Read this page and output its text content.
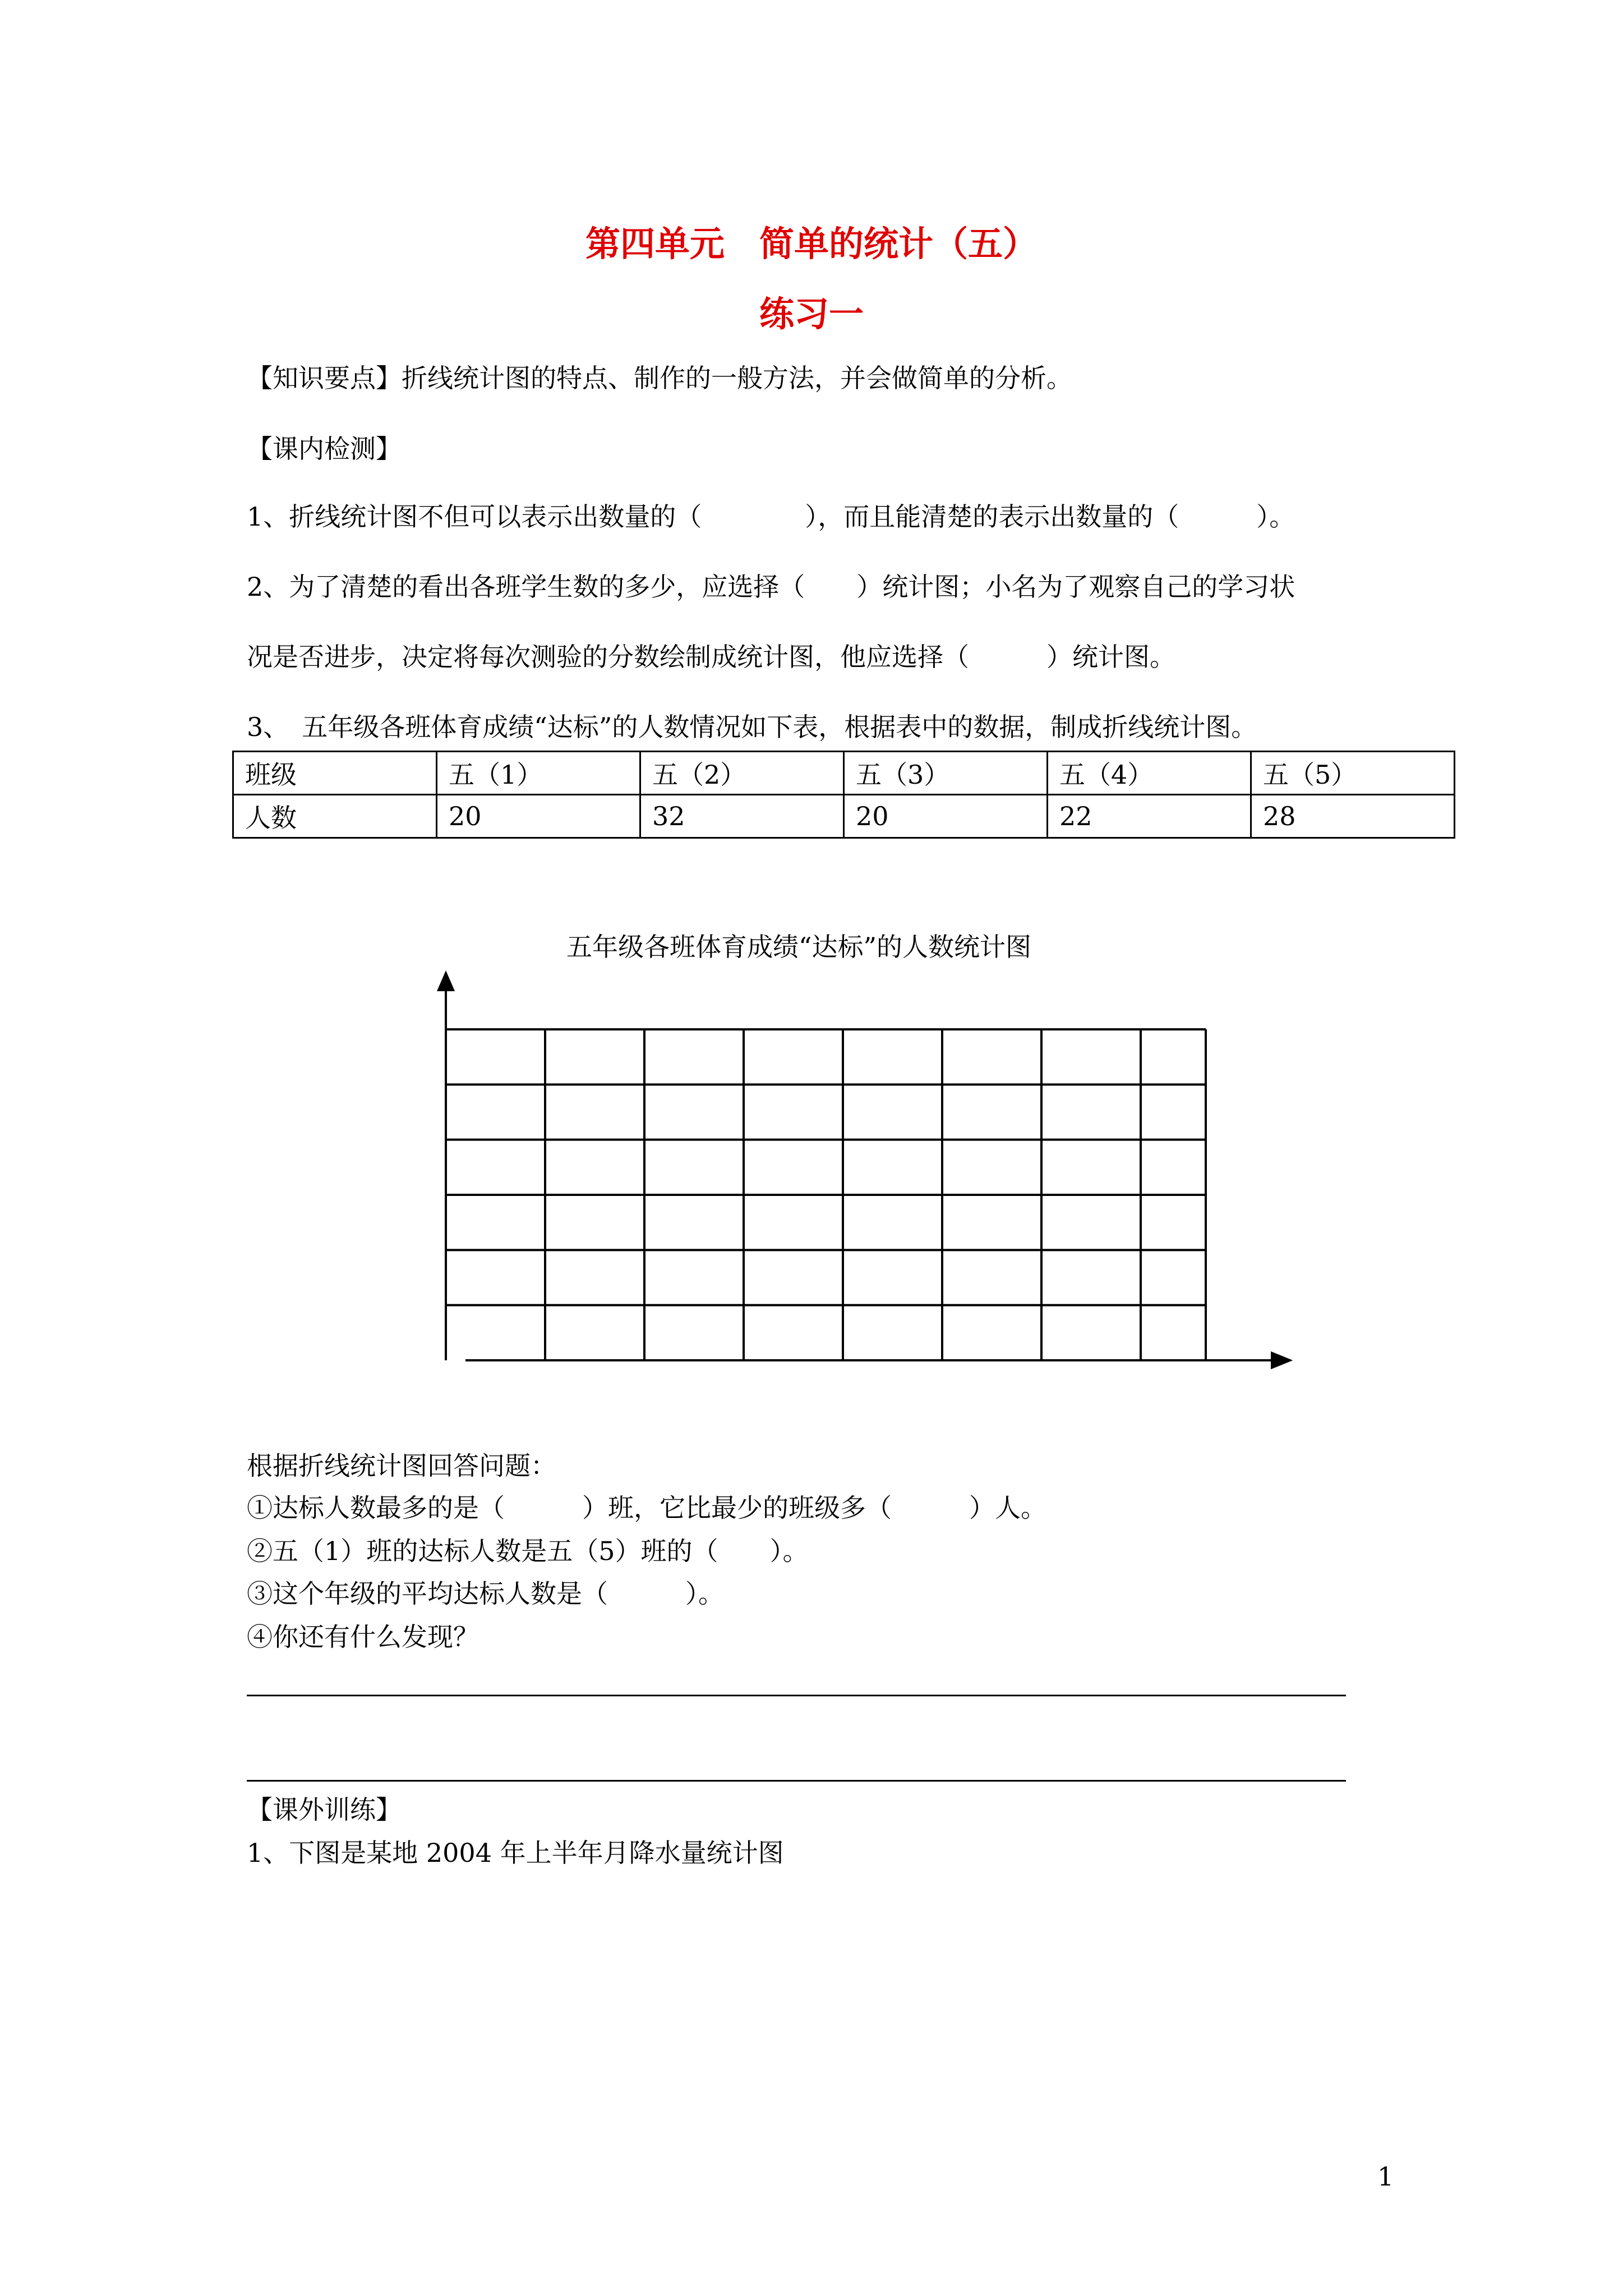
第四单元　简单的统计（五）
练习一
【知识要点】折线统计图的特点、制作的一般方法，并会做简单的分析。
【课内检测】
1、折线统计图不但可以表示出数量的（　　　　），而且能清楚的表示出数量的（　　　）。
2、为了清楚的看出各班学生数的多少，应选择（　　）统计图；小名为了观察自己的学习状
况是否进步，决定将每次测验的分数绘制成统计图，他应选择（　　　）统计图。
3、　五年级各班体育成绩“达标”的人数情况如下表，根据表中的数据，制成折线统计图。
班级	五（1）	五（2）	五（3）	五（4）	五（5）
人数	20	32	20	22	28
五年级各班体育成绩“达标”的人数统计图
根据折线统计图回答问题：
①达标人数最多的是（　　　）班，它比最少的班级多（　　　）人。
②五（1）班的达标人数是五（5）班的（　　）。
③这个年级的平均达标人数是（　　　）。
④你还有什么发现？
【课外训练】
1、下图是某地 2004 年上半年月降水量统计图
1
